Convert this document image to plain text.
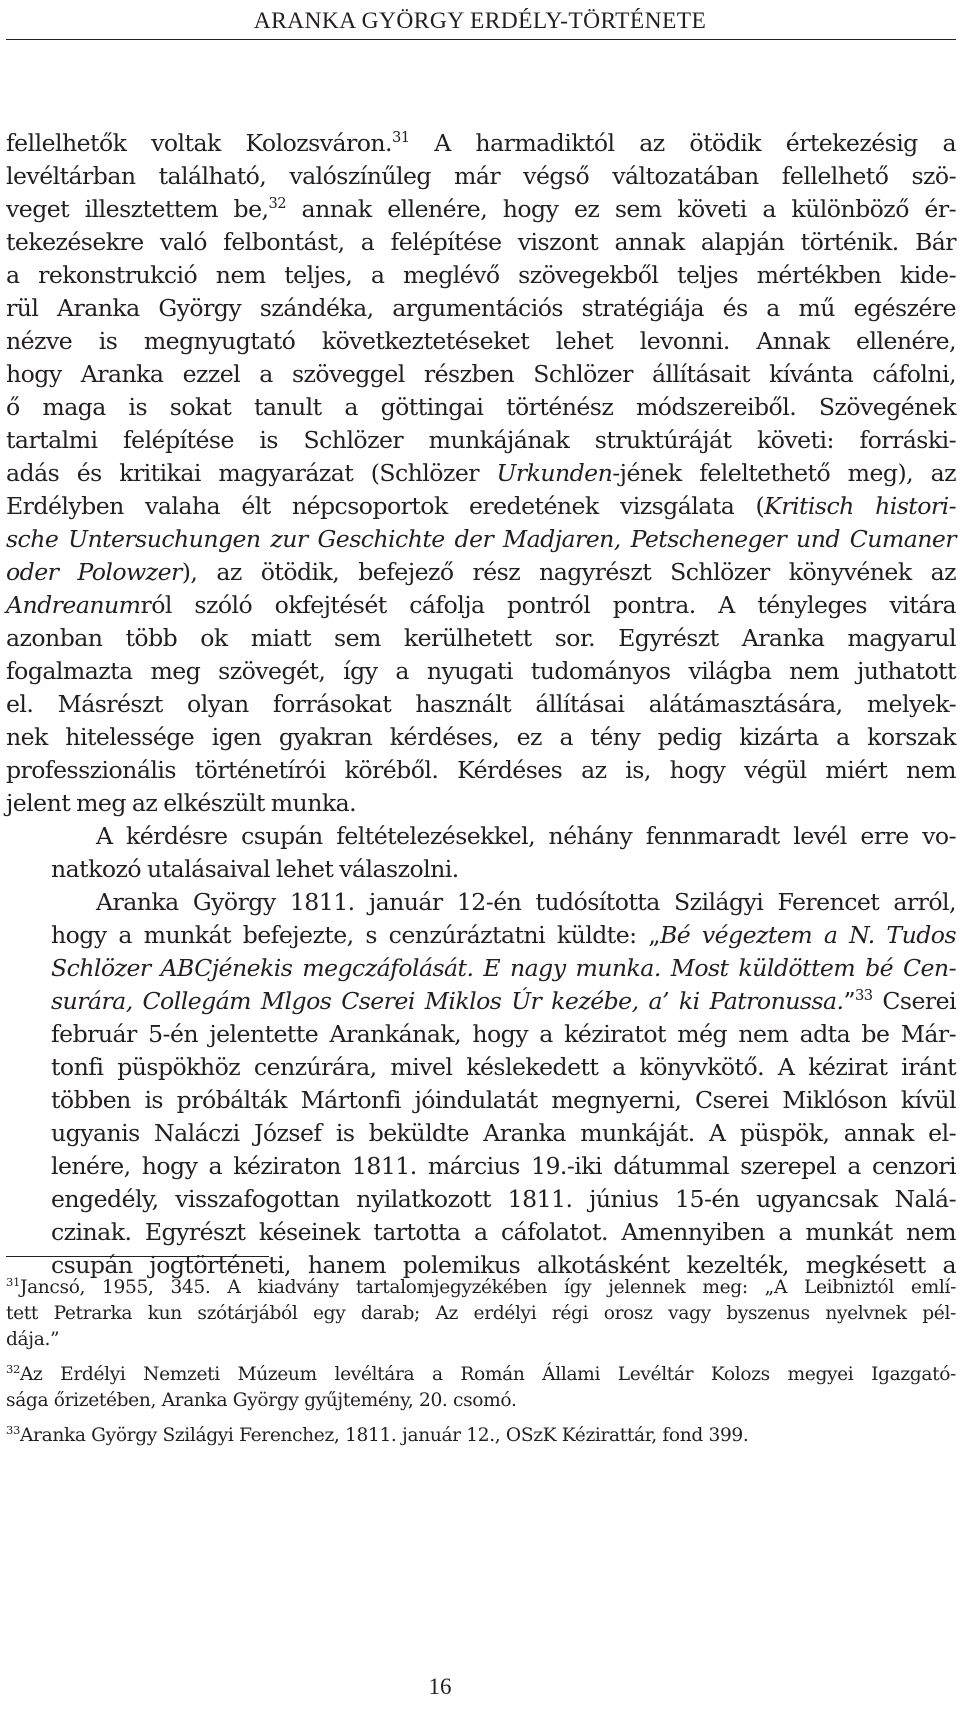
ARANKA GYÖRGY ERDÉLY-TÖRTÉNETE

fellelhetők voltak Kolozsváron.$^{31}$ A harmadiktól az ötödik értekezésig a
levéltárban található, valószínűleg már végső változatában fellelhető szö-
veget illesztettem be,$^{32}$ annak ellenére, hogy ez sem követi a különböző ér-
tekezésekre való felbontást, a felépítése viszont annak alapján történik. Bár
a rekonstrukció nem teljes, a meglévő szövegekből teljes mértékben kide-
rül Aranka György szándéka, argumentációs stratégiája és a mű egészére
nézve is megnyugtató következtetéseket lehet levonni. Annak ellenére,
hogy Aranka ezzel a szöveggel részben Schlözer állításait kívánta cáfolni,
ő maga is sokat tanult a göttingai történész módszereiből. Szövegének
tartalmi felépítése is Schlözer munkájának struktúráját követi: forráski-
adás és kritikai magyarázat (Schlözer Urkunden-jének feleltethető meg), az
Erdélyben valaha élt népcsoportok eredetének vizsgálata (Kritisch histori-
sche Untersuchungen zur Geschichte der Madjaren, Petscheneger und Cumaner
oder Polowzer), az ötödik, befejező rész nagyrészt Schlözer könyvének az
Andreanumról szóló okfejtését cáfolja pontról pontra. A tényleges vitára
azonban több ok miatt sem kerülhetett sor. Egyrészt Aranka magyarul
fogalmazta meg szövegét, így a nyugati tudományos világba nem juthatott
el. Másrészt olyan forrásokat használt állításai alátámasztására, melyek-
nek hitelessége igen gyakran kérdéses, ez a tény pedig kizárta a korszak
professzionális történetírói köréből. Kérdéses az is, hogy végül miért nem
jelent meg az elkészült munka.

A kérdésre csupán feltételezésekkel, néhány fennmaradt levél erre vo-
natkozó utalásaival lehet válaszolni.

Aranka György 1811. január 12-én tudósította Szilágyi Ferencet arról,
hogy a munkát befejezte, s cenzúráztatni küldte: „Bé végeztem a N. Tudos
Schlözer ABCjénekis megczáfolását. E nagy munka. Most küldöttem bé Cen-
surára, Collegám Mlgos Cserei Miklos Úr kezébe, a’ ki Patronussa.”$^{33}$ Cserei
február 5-én jelentette Arankának, hogy a kéziratot még nem adta be Már-
tonfi püspökhöz cenzúrára, mivel késlekedett a könyvkötő. A kézirat iránt
többen is próbálták Mártonfi jóindulatát megnyerni, Cserei Miklóson kívül
ugyanis Naláczi József is beküldte Aranka munkáját. A püspök, annak el-
lenére, hogy a kéziraton 1811. március 19.-iki dátummal szerepel a cenzori
engedély, visszafogottan nyilatkozott 1811. június 15-én ugyancsak Nalá-
czinak. Egyrészt késeinek tartotta a cáfolatot. Amennyiben a munkát nem
csupán jogtörténeti, hanem polemikus alkotásként kezelték, megkésett a

$^{31}$Jancsó, 1955, 345. A kiadvány tartalomjegyzékében így jelennek meg: „A Leibniztól emlí-
tett Petrarka kun szótárjából egy darab; Az erdélyi régi orosz vagy byszenus nyelvnek pél-
dája.”
$^{32}$Az Erdélyi Nemzeti Múzeum levéltára a Román Állami Levéltár Kolozs megyei Igazgató-
sága őrizetében, Aranka György gyűjtemény, 20. csomó.
$^{33}$Aranka György Szilágyi Ferenchez, 1811. január 12., OSzK Kézirattár, fond 399.
16
